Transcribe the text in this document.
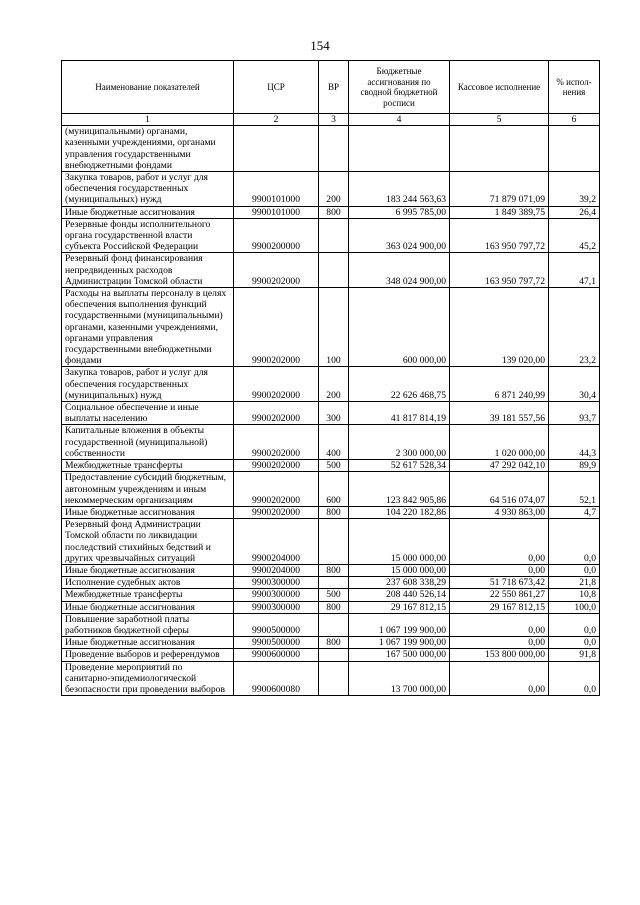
154
Наименование показателей	ЦСР	ВР	Бюджетные ассигнования по сводной бюджетной росписи	Кассовое исполнение	% испол-нения
1	2	3	4	5	6
(муниципальными) органами, казенными учреждениями, органами управления государственными внебюджетными фондами					
Закупка товаров, работ и услуг для обеспечения государственных (муниципальных) нужд	9900101000	200	183 244 563,63	71 879 071,09	39,2
Иные бюджетные ассигнования	9900101000	800	6 995 785,00	1 849 389,75	26,4
Резервные фонды исполнительного органа государственной власти субъекта Российской Федерации	9900200000		363 024 900,00	163 950 797,72	45,2
Резервный фонд финансирования непредвиденных расходов Администрации Томской области	9900202000		348 024 900,00	163 950 797,72	47,1
Расходы на выплаты персоналу в целях обеспечения выполнения функций государственными (муниципальными) органами, казенными учреждениями, органами управления государственными внебюджетными фондами	9900202000	100	600 000,00	139 020,00	23,2
Закупка товаров, работ и услуг для обеспечения государственных (муниципальных) нужд	9900202000	200	22 626 468,75	6 871 240,99	30,4
Социальное обеспечение и иные выплаты населению	9900202000	300	41 817 814,19	39 181 557,56	93,7
Капитальные вложения в объекты государственной (муниципальной) собственности	9900202000	400	2 300 000,00	1 020 000,00	44,3
Межбюджетные трансферты	9900202000	500	52 617 528,34	47 292 042,10	89,9
Предоставление субсидий бюджетным, автономным учреждениям и иным некоммерческим организациям	9900202000	600	123 842 905,86	64 516 074,07	52,1
Иные бюджетные ассигнования	9900202000	800	104 220 182,86	4 930 863,00	4,7
Резервный фонд Администрации Томской области по ликвидации последствий стихийных бедствий и других чрезвычайных ситуаций	9900204000		15 000 000,00	0,00	0,0
Иные бюджетные ассигнования	9900204000	800	15 000 000,00	0,00	0,0
Исполнение судебных актов	9900300000		237 608 338,29	51 718 673,42	21,8
Межбюджетные трансферты	9900300000	500	208 440 526,14	22 550 861,27	10,8
Иные бюджетные ассигнования	9900300000	800	29 167 812,15	29 167 812,15	100,0
Повышение заработной платы работников бюджетной сферы	9900500000		1 067 199 900,00	0,00	0,0
Иные бюджетные ассигнования	9900500000	800	1 067 199 900,00	0,00	0,0
Проведение выборов и референдумов	9900600000		167 500 000,00	153 800 000,00	91,8
Проведение мероприятий по санитарно-эпидемиологической безопасности при проведении выборов	9900600080		13 700 000,00	0,00	0,0
